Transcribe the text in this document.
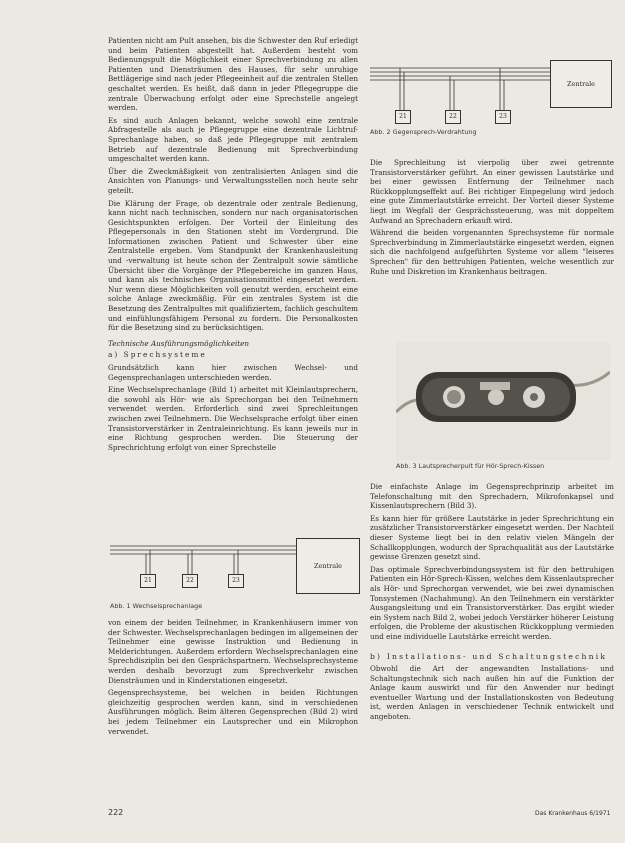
Patienten nicht am Pult ansehen, bis die Schwester den Ruf erledigt und beim Patienten abgestellt hat. Außerdem besteht vom Bedienungspult die Möglichkeit einer Sprechverbindung zu allen Patienten und Diensträumen des Hauses, für sehr unruhige Bettlägerige sind nach jeder Pflegeeinheit auf die zentralen Stellen geschaltet werden. Es heißt, daß dann in jeder Pflegegruppe die zentrale Überwachung erfolgt oder eine Sprechstelle angelegt werden.

Es sind auch Anlagen bekannt, welche sowohl eine zentrale Abfragestelle als auch je Pflegegruppe eine dezentrale Lichtruf-Sprechanlage haben, so daß jede Pflegegruppe mit zentralem Betrieb auf dezentrale Bedienung mit Sprechverbindung umgeschaltet werden kann.

Über die Zweckmäßigkeit von zentralisierten Anlagen sind die Ansichten von Planungs- und Verwaltungsstellen noch heute sehr geteilt.

Die Klärung der Frage, ob dezentrale oder zentrale Bedienung, kann nicht nach technischen, sondern nur nach organisatorischen Gesichtspunkten erfolgen. Der Vorteil der Einleitung des Pflegepersonals in den Stationen steht im Vordergrund. Die Informationen zwischen Patient und Schwester über eine Zentralstelle ergeben. Vom Standpunkt der Krankenhausleitung und -verwaltung ist heute schon der Zentralpult sowie sämtliche Übersicht über die Vorgänge der Pflegebereiche im ganzen Haus, und kann als technisches Organisationsmittel eingesetzt werden. Nur wenn diese Möglichkeiten voll genutzt werden, erscheint eine solche Anlage zweckmäßig. Für ein zentrales System ist die Besetzung des Zentralpultes mit qualifiziertem, fachlich geschultem und einfühlungsfähigem Personal zu fordern. Die Personalkosten für die Besetzung sind zu berücksichtigen.

Technische Ausführungsmöglichkeiten
a) Sprechsysteme

Grundsätzlich kann hier zwischen Wechsel- und Gegensprechanlagen unterschieden werden.

Eine Wechselsprechanlage (Bild 1) arbeitet mit Kleinlautsprechern, die sowohl als Hör- wie als Sprechorgan bei den Teilnehmern verwendet werden. Erforderlich sind zwei Sprechleitungen zwischen zwei Teilnehmern. Die Wechselsprache erfolgt über einen Transistorverstärker in Zentraleinrichtung. Es kann jeweils nur in eine Richtung gesprochen werden. Die Steuerung der Sprechrichtung erfolgt von einer Sprechstelle

21	22	23
Zentrale
Abb. 1 Wechselsprechanlage
21	22	23
Zentrale
Abb. 2 Gegensprech-Verdrahtung

Die Sprechleitung ist vierpolig über zwei getrennte Transistorverstärker geführt. An einer gewissen Lautstärke und bei einer gewissen Entfernung der Teilnehmer nach Rückkopplungseffekt auf. Bei richtiger Einpegelung wird jedoch eine gute Zimmerlautstärke erreicht. Der Vorteil dieser Systeme liegt im Wegfall der Gesprächssteuerung, was mit doppeltem Aufwand an Sprechadern erkauft wird.

Während die beiden vorgenannten Sprechsysteme für normale Sprechverbindung in Zimmerlautstärke eingesetzt werden, eignen sich die nachfolgend aufgeführten Systeme vor allem "leiseres Sprechen" für den bettruhigen Patienten, welche wesentlich zur Ruhe und Diskretion im Krankenhaus beitragen.

Abb. 3 Lautsprecherpult für Hör-Sprech-Kissen

Die einfachste Anlage im Gegensprechprinzip arbeitet im Telefonschaltung mit den Sprechadern, Mikrofonkapsel und Kissenlautsprechern (Bild 3).

Es kann hier für größere Lautstärke in jeder Sprechrichtung ein zusätzlicher Transistorverstärker eingesetzt werden. Der Nachteil dieser Systeme liegt bei in den relativ vielen Mängeln der Schallkopplungen, wodurch der Sprachqualität aus der Lautstärke gewisse Grenzen gesetzt sind.

Das optimale Sprechverbindungssystem ist für den bettruhigen Patienten ein Hör-Sprech-Kissen, welches dem Kissenlautsprecher als Hör- und Sprechorgan verwendet, wie bei zwei dynamischen Tonsystemen (Nachahmung). An den Teilnehmern ein verstärkter Ausgangsleitung und ein Transistorverstärker. Das ergibt wieder ein System nach Bild 2, wobei jedoch Verstärker höherer Leistung erfolgen, die Probleme der akustischen Rückkopplung vermieden und eine individuelle Lautstärke erreicht werden.

b) Installations- und Schaltungstechnik

Obwohl die Art der angewandten Installations- und Schaltungstechnik sich nach außen hin auf die Funktion der Anlage kaum auswirkt und für den Anwender nur bedingt eventueller Wartung und der Installationskosten von Bedeutung ist, werden Anlagen in verschiedener Technik entwickelt und angeboten.

von einem der beiden Teilnehmer, in Krankenhäusern immer von der Schwester. Wechselsprechanlagen bedingen im allgemeinen der Teilnehmer eine gewisse Instruktion und Bedienung in Melderichtungen. Außerdem erfordern Wechselsprechanlagen eine Sprechdisziplin bei den Gesprächspartnern. Wechselsprechsysteme werden deshalb bevorzugt zum Sprechverkehr zwischen Diensträumen und in Kinderstationen eingesetzt.

Gegensprechsysteme, bei welchen in beiden Richtungen gleichzeitig gesprochen werden kann, sind in verschiedenen Ausführungen möglich. Beim älteren Gegensprechen (Bild 2) wird bei jedem Teilnehmer ein Lautsprecher und ein Mikrophon verwendet.

222	Das Krankenhaus 6/1971
